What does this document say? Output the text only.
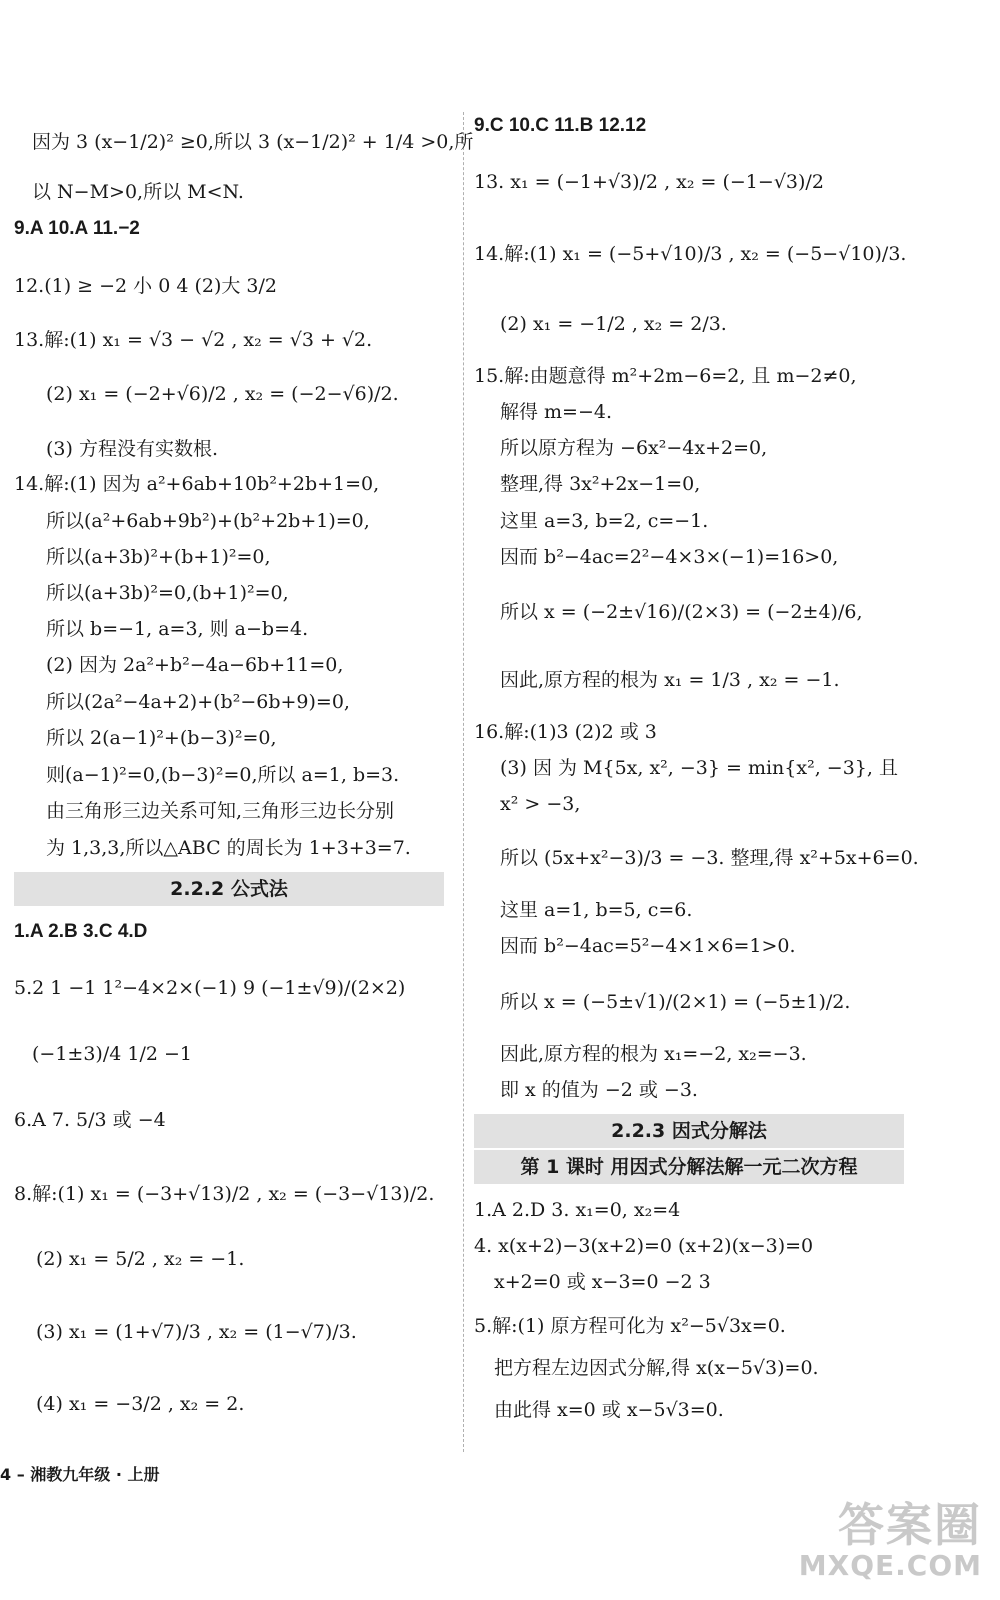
因为 3 (x−1/2)² ≥0,所以 3 (x−1/2)² + 1/4 >0,所
以 N−M>0,所以 M<N.
9.A 10.A 11.−2
12.(1) ≥ −2 小 0 4 (2)大 3/2
13.解:(1) x₁ = √3 − √2 , x₂ = √3 + √2.
(2) x₁ = (−2+√6)/2 , x₂ = (−2−√6)/2.
(3) 方程没有实数根.
14.解:(1) 因为 a²+6ab+10b²+2b+1=0,
所以(a²+6ab+9b²)+(b²+2b+1)=0,
所以(a+3b)²+(b+1)²=0,
所以(a+3b)²=0,(b+1)²=0,
所以 b=−1, a=3, 则 a−b=4.
(2) 因为 2a²+b²−4a−6b+11=0,
所以(2a²−4a+2)+(b²−6b+9)=0,
所以 2(a−1)²+(b−3)²=0,
则(a−1)²=0,(b−3)²=0,所以 a=1, b=3.
由三角形三边关系可知,三角形三边长分别
为 1,3,3,所以△ABC 的周长为 1+3+3=7.
2.2.2 公式法
1.A 2.B 3.C 4.D
5.2 1 −1 1²−4×2×(−1) 9 (−1±√9)/(2×2)
(−1±3)/4 1/2 −1
6.A 7. 5/3 或 −4
8.解:(1) x₁ = (−3+√13)/2 , x₂ = (−3−√13)/2.
(2) x₁ = 5/2 , x₂ = −1.
(3) x₁ = (1+√7)/3 , x₂ = (1−√7)/3.
(4) x₁ = −3/2 , x₂ = 2.
9.C 10.C 11.B 12.12
13. x₁ = (−1+√3)/2 , x₂ = (−1−√3)/2
14.解:(1) x₁ = (−5+√10)/3 , x₂ = (−5−√10)/3.
(2) x₁ = −1/2 , x₂ = 2/3.
15.解:由题意得 m²+2m−6=2, 且 m−2≠0,
解得 m=−4.
所以原方程为 −6x²−4x+2=0,
整理,得 3x²+2x−1=0,
这里 a=3, b=2, c=−1.
因而 b²−4ac=2²−4×3×(−1)=16>0,
所以 x = (−2±√16)/(2×3) = (−2±4)/6,
因此,原方程的根为 x₁ = 1/3 , x₂ = −1.
16.解:(1)3 (2)2 或 3
(3) 因 为 M{5x, x², −3} = min{x², −3}, 且
x² > −3,
所以 (5x+x²−3)/3 = −3. 整理,得 x²+5x+6=0.
这里 a=1, b=5, c=6.
因而 b²−4ac=5²−4×1×6=1>0.
所以 x = (−5±√1)/(2×1) = (−5±1)/2.
因此,原方程的根为 x₁=−2, x₂=−3.
即 x 的值为 −2 或 −3.
2.2.3 因式分解法
第 1 课时 用因式分解法解一元二次方程
1.A 2.D 3. x₁=0, x₂=4
4. x(x+2)−3(x+2)=0 (x+2)(x−3)=0
x+2=0 或 x−3=0 −2 3
5.解:(1) 原方程可化为 x²−5√3x=0.
把方程左边因式分解,得 x(x−5√3)=0.
由此得 x=0 或 x−5√3=0.
4 – 湘教九年级 · 上册
答案圈
MXQE.COM
